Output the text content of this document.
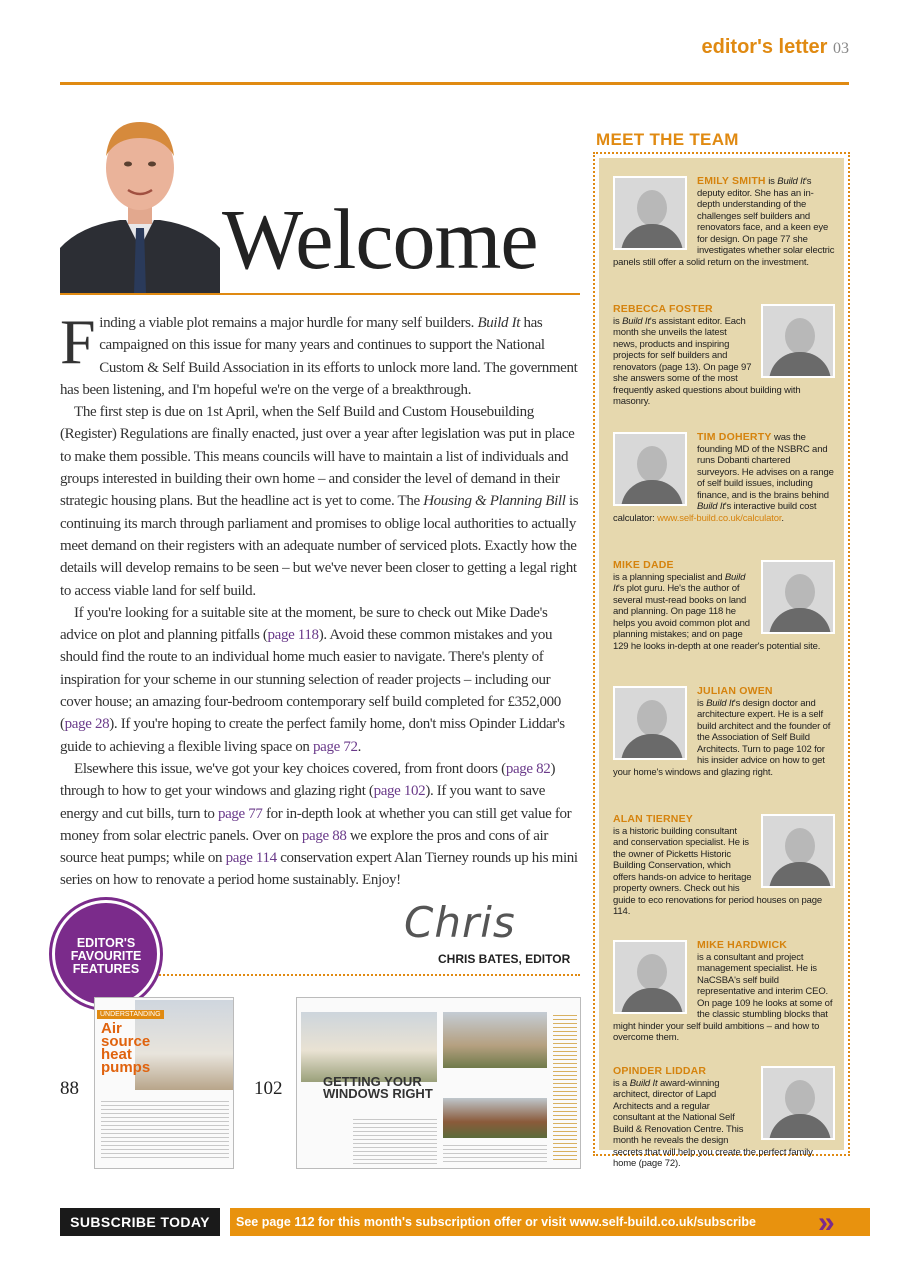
editor's letter 03
Welcome

Finding a viable plot remains a major hurdle for many self builders. Build It has campaigned on this issue for many years and continues to support the National Custom & Self Build Association in its efforts to unlock more land. The government has been listening, and I'm hopeful we're on the verge of a breakthrough.

The first step is due on 1st April, when the Self Build and Custom Housebuilding (Register) Regulations are finally enacted, just over a year after legislation was put in place to make them possible. This means councils will have to maintain a list of individuals and groups interested in building their own home – and consider the level of demand in their strategic housing plans. But the headline act is yet to come. The Housing & Planning Bill is continuing its march through parliament and promises to oblige local authorities to actually meet demand on their registers with an adequate number of serviced plots. Exactly how the details will develop remains to be seen – but we've never been closer to getting a legal right to access viable land for self build.

If you're looking for a suitable site at the moment, be sure to check out Mike Dade's advice on plot and planning pitfalls (page 118). Avoid these common mistakes and you should find the route to an individual home much easier to navigate. There's plenty of inspiration for your scheme in our stunning selection of reader projects – including our cover house; an amazing four-bedroom contemporary self build completed for £352,000 (page 28). If you're hoping to create the perfect family home, don't miss Opinder Liddar's guide to achieving a flexible living space on page 72.

Elsewhere this issue, we've got your key choices covered, from front doors (page 82) through to how to get your windows and glazing right (page 102). If you want to save energy and cut bills, turn to page 77 for in-depth look at whether you can still get value for money from solar electric panels. Over on page 88 we explore the pros and cons of air source heat pumps; while on page 114 conservation expert Alan Tierney rounds up his mini series on how to renovate a period home sustainably. Enjoy!

Chris
CHRIS BATES, EDITOR
EDITOR'S
FAVOURITE
FEATURES
88
UNDERSTANDING
Air source heat pumps
102	GETTING YOUR WINDOWS RIGHT
MEET THE TEAM
EMILY SMITH is Build It's deputy editor. She has an in-depth understanding of the challenges self builders and renovators face, and a keen eye for design. On page 77 she investigates whether solar electric panels still offer a solid return on the investment.
REBECCA FOSTER
is Build It's assistant editor. Each month she unveils the latest news, products and inspiring projects for self builders and renovators (page 13). On page 97 she answers some of the most frequently asked questions about building with masonry.
TIM DOHERTY was the founding MD of the NSBRC and runs Dobanti chartered surveyors. He advises on a range of self build issues, including finance, and is the brains behind Build It's interactive build cost calculator: www.self-build.co.uk/calculator.
MIKE DADE
is a planning specialist and Build It's plot guru. He's the author of several must-read books on land and planning. On page 118 he helps you avoid common plot and planning mistakes; and on page 129 he looks in-depth at one reader's potential site.
JULIAN OWEN
is Build It's design doctor and architecture expert. He is a self build architect and the founder of the Association of Self Build Architects. Turn to page 102 for his insider advice on how to get your home's windows and glazing right.
ALAN TIERNEY
is a historic building consultant and conservation specialist. He is the owner of Picketts Historic Building Conservation, which offers hands-on advice to heritage property owners. Check out his guide to eco renovations for period houses on page 114.
MIKE HARDWICK
is a consultant and project management specialist. He is NaCSBA's self build representative and interim CEO. On page 109 he looks at some of the classic stumbling blocks that might hinder your self build ambitions – and how to overcome them.
OPINDER LIDDAR
is a Build It award-winning architect, director of Lapd Architects and a regular consultant at the National Self Build & Renovation Centre. This month he reveals the design secrets that will help you create the perfect family home (page 72).
SUBSCRIBE TODAY	See page 112 for this month's subscription offer or visit www.self-build.co.uk/subscribe	»
